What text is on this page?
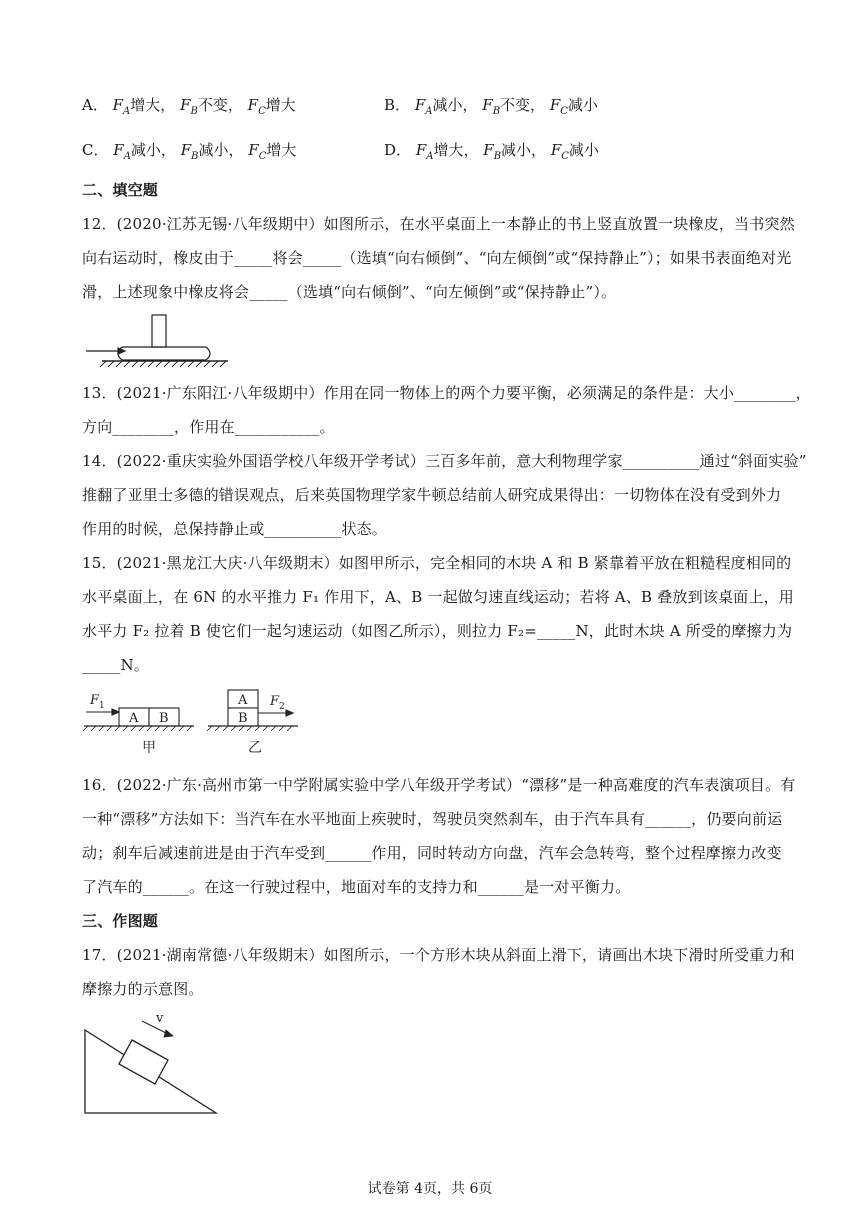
A． $F_A$增大， $F_B$不变， $F_C$增大	B． $F_A$减小， $F_B$不变， $F_C$减小
C． $F_A$减小， $F_B$减小， $F_C$增大	D． $F_A$增大， $F_B$减小， $F_C$减小
二、填空题
12．(2020·江苏无锡·八年级期中）如图所示，在水平桌面上一本静止的书上竖直放置一块橡皮，当书突然
向右运动时，橡皮由于_____将会_____（选填“向右倾倒”、“向左倾倒”或“保持静止”）；如果书表面绝对光
滑，上述现象中橡皮将会_____（选填“向右倾倒”、“向左倾倒”或“保持静止”）。
13．(2021·广东阳江·八年级期中）作用在同一物体上的两个力要平衡，必须满足的条件是：大小________，
方向________，作用在___________。
14．(2022·重庆实验外国语学校八年级开学考试）三百多年前，意大利物理学家__________通过“斜面实验”
推翻了亚里士多德的错误观点，后来英国物理学家牛顿总结前人研究成果得出：一切物体在没有受到外力
作用的时候，总保持静止或__________状态。
15．(2021·黑龙江大庆·八年级期末）如图甲所示，完全相同的木块 A 和 B 紧靠着平放在粗糙程度相同的
水平桌面上，在 6N 的水平推力 F₁ 作用下，A、B 一起做匀速直线运动；若将 A、B 叠放到该桌面上，用
水平力 F₂ 拉着 B 使它们一起匀速运动（如图乙所示），则拉力 F₂=_____N，此时木块 A 所受的摩擦力为
_____N。
F 1
A B
甲
A
B
F 2
乙
16．(2022·广东·高州市第一中学附属实验中学八年级开学考试）“漂移”是一种高难度的汽车表演项目。有
一种“漂移”方法如下：当汽车在水平地面上疾驶时，驾驶员突然刹车，由于汽车具有______，仍要向前运
动；刹车后减速前进是由于汽车受到______作用，同时转动方向盘，汽车会急转弯，整个过程摩擦力改变
了汽车的______。在这一行驶过程中，地面对车的支持力和______是一对平衡力。
三、作图题
17．(2021·湖南常德·八年级期末）如图所示，一个方形木块从斜面上滑下，请画出木块下滑时所受重力和
摩擦力的示意图。
v
试卷第 4页，共 6页
